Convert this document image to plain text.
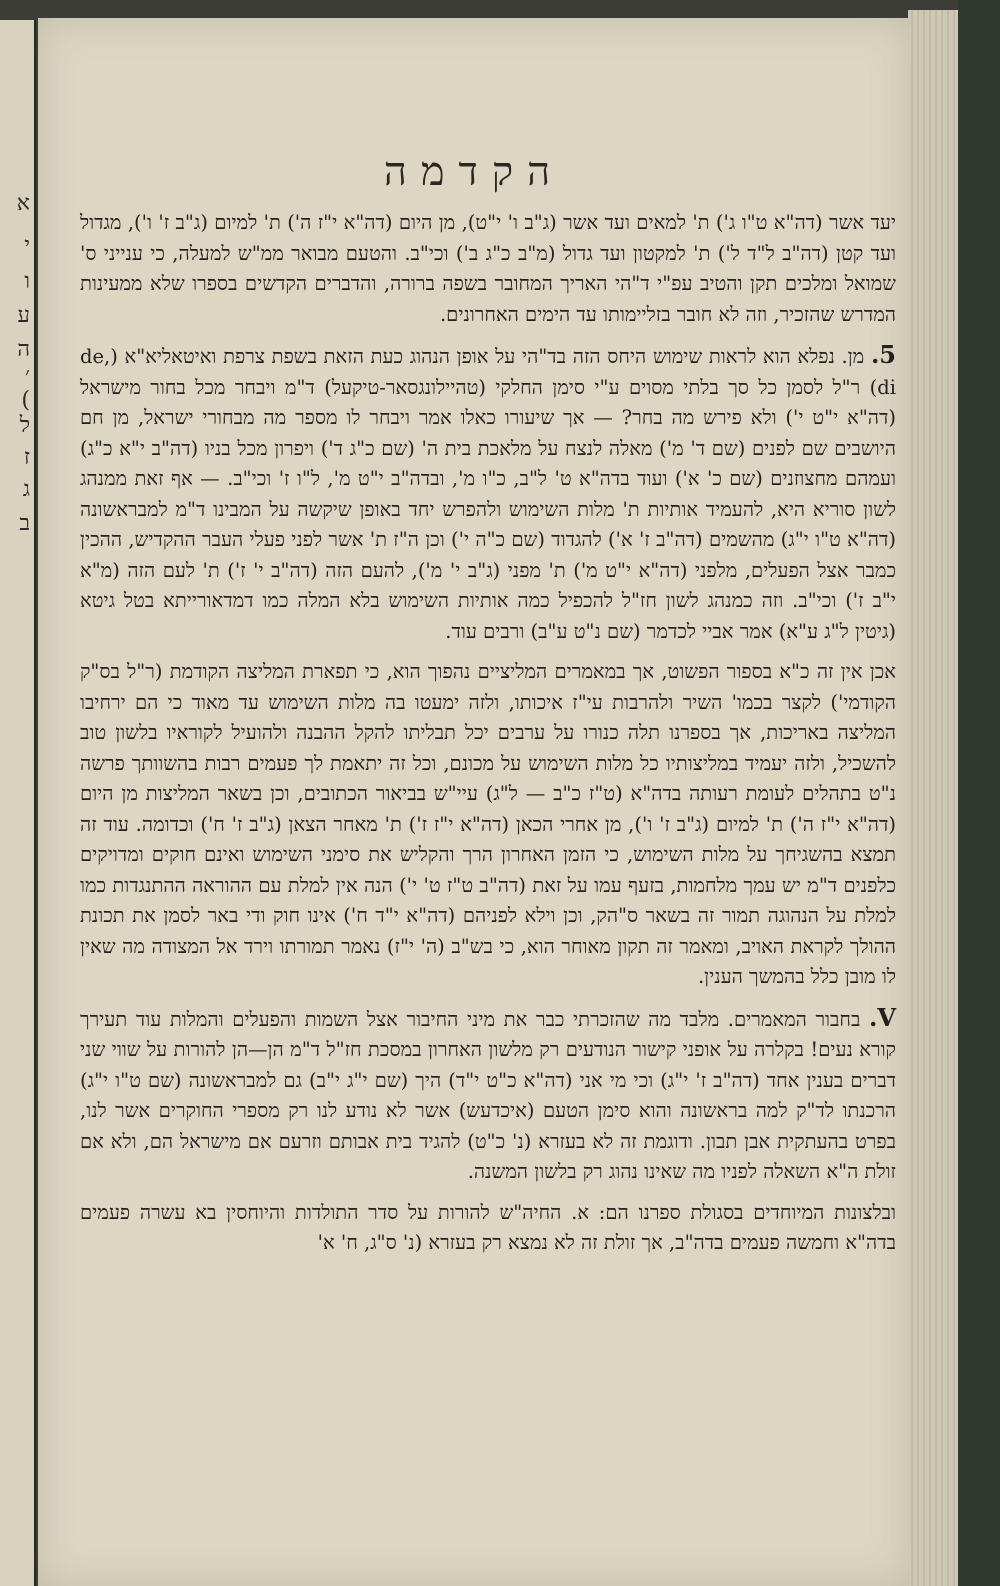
א
י
ו
ע
ה
׳
(
ל
ז
ג
ב
הקדמה

יעד אשר (דה"א ט"ו ג') ת' למאים ועד אשר (ג"ב ו' י"ט), מן היום (דה"א י"ז ה') ת' למיום (ג"ב ז' ו'), מגדול ועד קטן (דה"ב ל"ד ל') ת' למקטון ועד גדול (מ"ב כ"ג ב') וכי"ב. והטעם מבואר ממ"ש למעלה, כי ענייני ס' שמואל ומלכים תקן והטיב עפ"י ד"הי האריך המחובר בשפה ברורה, והדברים הקדשים בספרו שלא ממעינות המדרש שהזכיר, וזה לא חובר בזליימותו עד הימים האחרונים.

5. מן. נפלא הוא לראות שימוש היחס הזה בד"הי על אופן הנהוג כעת הזאת בשפת צרפת ואיטאליא"א (de, di) ר"ל לסמן כל סך בלתי מסוים ע"י סימן החלקי (טהיילונגסאר-טיקעל) ד"מ ויבחר מכל בחור מישראל (דה"א י"ט י') ולא פירש מה בחר? — אך שיעורו כאלו אמר ויבחר לו מספר מה מבחורי ישראל, מן חם היושבים שם לפנים (שם ד' מ') מאלה לנצח על מלאכת בית ה' (שם כ"ג ד') ויפרון מכל בניו (דה"ב י"א כ"ג) ועמהם מחצוזנים (שם כ' א') ועוד בדה"א ט' ל"ב, כ"ו מ', ובדה"ב י"ט מ', ל"ו ז' וכי"ב. — אף זאת ממנהג לשון סוריא היא, להעמיד אותיות ת' מלות השימוש ולהפרש יחד באופן שיקשה על המבינו ד"מ למבראשונה (דה"א ט"ו י"ג) מהשמים (דה"ב ז' א') להגדוד (שם כ"ה י') וכן ה"ז ת' אשר לפני פעלי העבר ההקדיש, ההכין כמבר אצל הפעלים, מלפני (דה"א י"ט מ') ת' מפני (ג"ב י' מ'), להעם הזה (דה"ב י' ז') ת' לעם הזה (מ"א י"ב ז') וכי"ב. וזה כמנהג לשון חז"ל להכפיל כמה אותיות השימוש בלא המלה כמו דמדאורייתא בטל גיטא (גיטין ל"ג ע"א) אמר אביי לכדמר (שם נ"ט ע"ב) ורבים עוד.

אכן אין זה כ"א בספור הפשוט, אך במאמרים המליציים נהפוך הוא, כי תפארת המליצה הקודמת (ר"ל בס"ק הקודמי') לקצר בכמו' השיר ולהרבות עי"ז איכותו, ולזה ימעטו בה מלות השימוש עד מאוד כי הם ירחיבו המליצה באריכות, אך בספרנו תלה כנורו על ערבים יכל תבליתו להקל ההבנה ולהועיל לקוראיו בלשון טוב להשכיל, ולזה יעמיד במליצותיו כל מלות השימוש על מכונם, וכל זה יתאמת לך פעמים רבות בהשוותך פרשה נ"ט בתהלים לעומת רעותה בדה"א (ט"ז כ"ב — ל"ג) עיי"ש בביאור הכתובים, וכן בשאר המליצות מן היום (דה"א י"ז ה') ת' למיום (ג"ב ז' ו'), מן אחרי הכאן (דה"א י"ז ז') ת' מאחר הצאן (ג"ב ז' ח') וכדומה. עוד זה תמצא בהשגיחך על מלות השימוש, כי הזמן האחרון הרך והקליש את סימני השימוש ואינם חוקים ומדויקים כלפנים ד"מ יש עמך מלחמות, בזעף עמו על זאת (דה"ב ט"ז ט' י') הנה אין למלת עם ההוראה ההתנגדות כמו למלת על הנהוגה תמור זה בשאר ס"הק, וכן וילא לפניהם (דה"א י"ד ח') אינו חוק ודי באר לסמן את תכונת ההולך לקראת האויב, ומאמר זה תקון מאוחר הוא, כי בש"ב (ה' י"ז) נאמר תמורתו וירד אל המצודה מה שאין לו מובן כלל בהמשך הענין.

V. בחבור המאמרים. מלבד מה שהזכרתי כבר את מיני החיבור אצל השמות והפעלים והמלות עוד תעירך קורא נעים! בקלרה על אופני קישור הנודעים רק מלשון האחרון במסכת חז"ל ד"מ הן—הן להורות על שווי שני דברים בענין אחד (דה"ב ז' י"ג) וכי מי אני (דה"א כ"ט י"ד) היך (שם י"ג י"ב) גם למבראשונה (שם ט"ו י"ג) הרכנתו לד"ק למה בראשונה והוא סימן הטעם (איכדעש) אשר לא נודע לנו רק מספרי החוקרים אשר לנו, בפרט בהעתקית אבן תבון. ודוגמת זה לא בעזרא (נ' כ"ט) להגיד בית אבותם וזרעם אם מישראל הם, ולא אם זולת ה"א השאלה לפניו מה שאינו נהוג רק בלשון המשנה.

ובלצונות המיוחדים בסגולת ספרנו הם: א. החיה"ש להורות על סדר התולדות והיוחסין בא עשרה פעמים בדה"א וחמשה פעמים בדה"ב, אך זולת זה לא נמצא רק בעזרא (נ' ס"ג, ח' א'
